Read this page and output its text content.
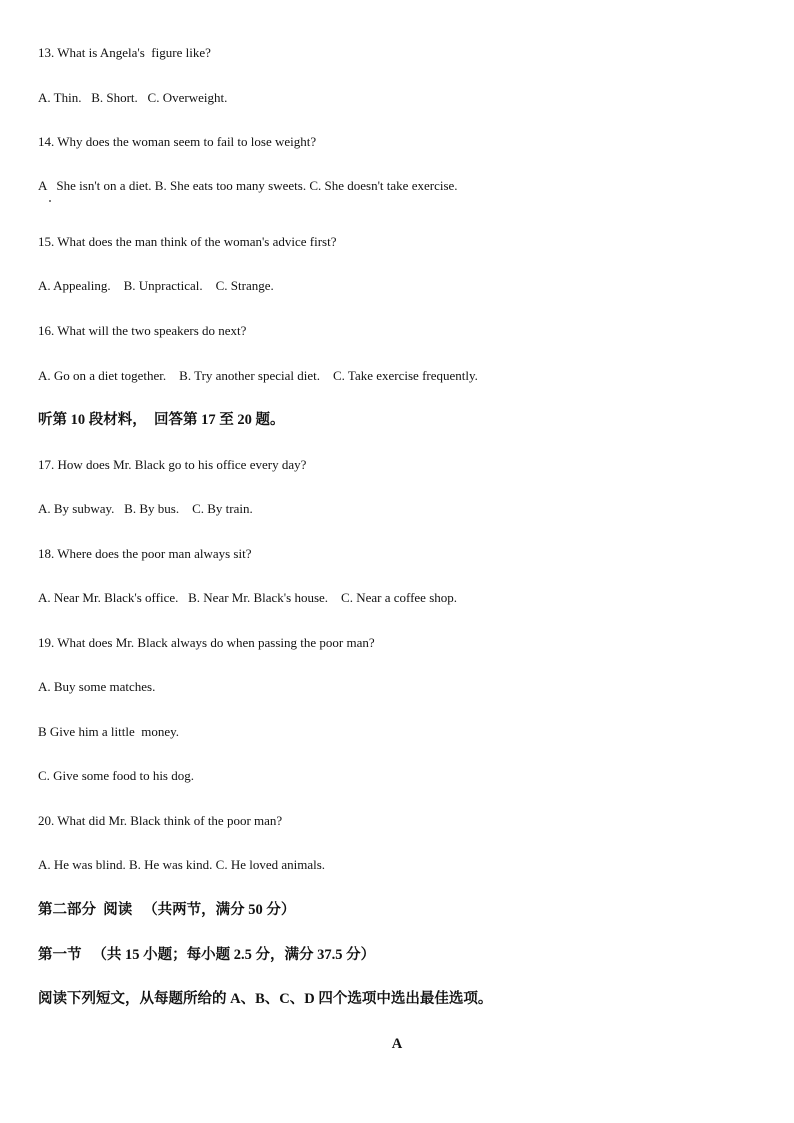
13. What is Angela's  figure like?
A. Thin.   B. Short.   C. Overweight.
14. Why does the woman seem to fail to lose weight?
A   She isn't on a diet. B. She eats too many sweets. C. She doesn't take exercise.
15. What does the man think of the woman's advice first?
A. Appealing.    B. Unpractical.    C. Strange.
16. What will the two speakers do next?
A. Go on a diet together.    B. Try another special diet.    C. Take exercise frequently.
听第 10 段材料，  回答第 17 至 20 题。
17. How does Mr. Black go to his office every day?
A. By subway.   B. By bus.    C. By train.
18. Where does the poor man always sit?
A. Near Mr. Black's office.   B. Near Mr. Black's house.    C. Near a coffee shop.
19. What does Mr. Black always do when passing the poor man?
A. Buy some matches.
B Give him a little  money.
C. Give some food to his dog.
20. What did Mr. Black think of the poor man?
A. He was blind. B. He was kind. C. He loved animals.
第二部分  阅读   （共两节，满分 50 分）
第一节   （共 15 小题；每小题 2.5 分，满分 37.5 分）
阅读下列短文，从每题所给的 A、B、C、D 四个选项中选出最佳选项。
A
